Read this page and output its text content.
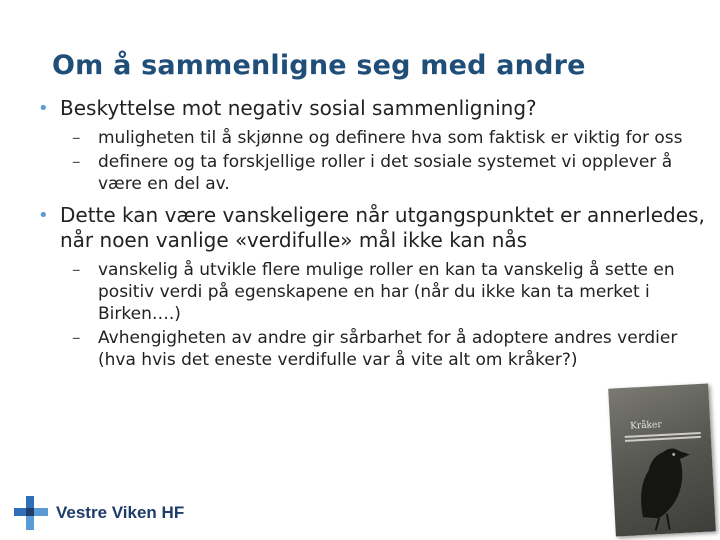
Om å sammenligne seg med andre
• Beskyttelse mot negativ sosial sammenligning?
– muligheten til å skjønne og definere hva som faktisk er viktig for oss
– definere og ta forskjellige roller i det sosiale systemet vi opplever å være en del av.
• Dette kan være vanskeligere når utgangspunktet er annerledes, når noen vanlige «verdifulle» mål ikke kan nås
– vanskelig å utvikle flere mulige roller en kan ta vanskelig å sette en positiv verdi på egenskapene en har (når du ikke kan ta merket i Birken….)
– Avhengigheten av andre gir sårbarhet for å adoptere andres verdier (hva hvis det eneste verdifulle var å vite alt om kråker?)
Vestre Viken HF
Kråker
